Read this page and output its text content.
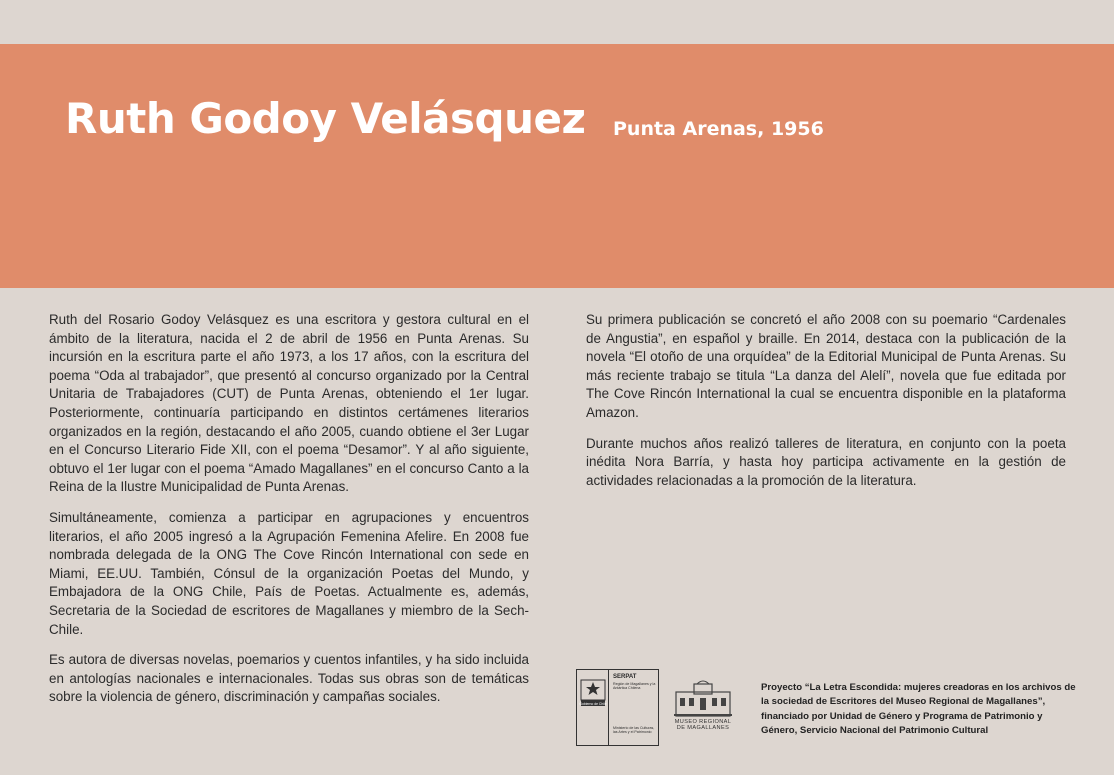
Ruth Godoy Velásquez Punta Arenas, 1956

Ruth del Rosario Godoy Velásquez es una escritora y gestora cultural en el ámbito de la literatura, nacida el 2 de abril de 1956 en Punta Arenas. Su incursión en la escritura parte el año 1973, a los 17 años, con la escritura del poema “Oda al trabajador”, que presentó al concurso organizado por la Central Unitaria de Trabajadores (CUT) de Punta Arenas, obteniendo el 1er lugar. Posteriormente, continuaría participando en distintos certámenes literarios organizados en la región, destacando el año 2005, cuando obtiene el 3er Lugar en el Concurso Literario Fide XII, con el poema “Desamor”. Y al año siguiente, obtuvo el 1er lugar con el poema “Amado Magallanes” en el concurso Canto a la Reina de la Ilustre Municipalidad de Punta Arenas.

Simultáneamente, comienza a participar en agrupaciones y encuentros literarios, el año 2005 ingresó a la Agrupación Femenina Afelire. En 2008 fue nombrada delegada de la ONG The Cove Rincón International con sede en Miami, EE.UU. También, Cónsul de la organización Poetas del Mundo, y Embajadora de la ONG Chile, País de Poetas. Actualmente es, además, Secretaria de la Sociedad de escritores de Magallanes y miembro de la Sech-Chile.

Es autora de diversas novelas, poemarios y cuentos infantiles, y ha sido incluida en antologías nacionales e internacionales. Todas sus obras son de temáticas sobre la violencia de género, discriminación y campañas sociales.

Su primera publicación se concretó el año 2008 con su poemario “Cardenales de Angustia”, en español y braille. En 2014, destaca con la publicación de la novela “El otoño de una orquídea” de la Editorial Municipal de Punta Arenas. Su más reciente trabajo se titula “La danza del Alelí”, novela que fue editada por The Cove Rincón International la cual se encuentra disponible en la plataforma Amazon.

Durante muchos años realizó talleres de literatura, en conjunto con la poeta inédita Nora Barría, y hasta hoy participa activamente en la gestión de actividades relacionadas a la promoción de la literatura.

Gobierno de Chile
SERPAT
Región de Magallanes y la Antártica Chilena
Ministerio de las Culturas, las Artes y el Patrimonio
MUSEO REGIONAL DE MAGALLANES
Proyecto “La Letra Escondida: mujeres creadoras en los archivos de la sociedad de Escritores del Museo Regional de Magallanes”, financiado por Unidad de Género y Programa de Patrimonio y Género, Servicio Nacional del Patrimonio Cultural
